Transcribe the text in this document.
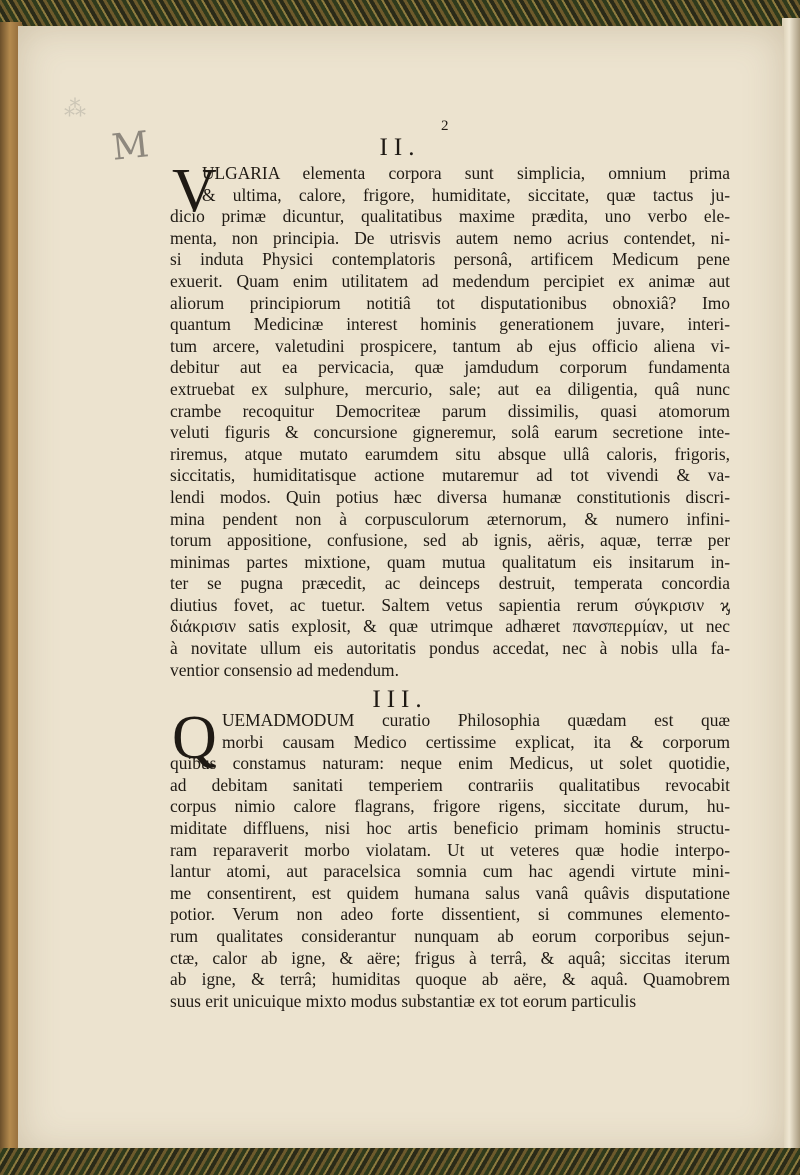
⁂
M	2
II.
V
ULGARIA elementa corpora sunt simplicia, omnium prima
& ultima, calore, frigore, humiditate, siccitate, quæ tactus ju-
dicio primæ dicuntur, qualitatibus maxime prædita, uno verbo ele-
menta, non principia. De utrisvis autem nemo acrius contendet, ni-
si induta Physici contemplatoris personâ, artificem Medicum pene
exuerit. Quam enim utilitatem ad medendum percipiet ex animæ aut
aliorum principiorum notitiâ tot disputationibus obnoxiâ? Imo
quantum Medicinæ interest hominis generationem juvare, interi-
tum arcere, valetudini prospicere, tantum ab ejus officio aliena vi-
debitur aut ea pervicacia, quæ jamdudum corporum fundamenta
extruebat ex sulphure, mercurio, sale; aut ea diligentia, quâ nunc
crambe recoquitur Democriteæ parum dissimilis, quasi atomorum
veluti figuris & concursione gigneremur, solâ earum secretione inte-
riremus, atque mutato earumdem situ absque ullâ caloris, frigoris,
siccitatis, humiditatisque actione mutaremur ad tot vivendi & va-
lendi modos. Quin potius hæc diversa humanæ constitutionis discri-
mina pendent non à corpusculorum æternorum, & numero infini-
torum appositione, confusione, sed ab ignis, aëris, aquæ, terræ per
minimas partes mixtione, quam mutua qualitatum eis insitarum in-
ter se pugna præcedit, ac deinceps destruit, temperata concordia
diutius fovet, ac tuetur. Saltem vetus sapientia rerum σύγκρισιν ϗ
διάκρισιν satis explosit, & quæ utrimque adhæret πανσπερμίαν, ut nec
à novitate ullum eis autoritatis pondus accedat, nec à nobis ulla fa-
ventior consensio ad medendum.
III.
Q UEMADMODUM curatio Philosophia quædam est quæ
morbi causam Medico certissime explicat, ita & corporum
quibus constamus naturam: neque enim Medicus, ut solet quotidie,
ad debitam sanitati temperiem contrariis qualitatibus revocabit
corpus nimio calore flagrans, frigore rigens, siccitate durum, hu-
miditate diffluens, nisi hoc artis beneficio primam hominis structu-
ram reparaverit morbo violatam. Ut ut veteres quæ hodie interpo-
lantur atomi, aut paracelsica somnia cum hac agendi virtute mini-
me consentirent, est quidem humana salus vanâ quâvis disputatione
potior. Verum non adeo forte dissentient, si communes elemento-
rum qualitates considerantur nunquam ab eorum corporibus sejun-
ctæ, calor ab igne, & aëre; frigus à terrâ, & aquâ; siccitas iterum
ab igne, & terrâ; humiditas quoque ab aëre, & aquâ. Quamobrem
suus erit unicuique mixto modus substantiæ ex tot eorum particulis
